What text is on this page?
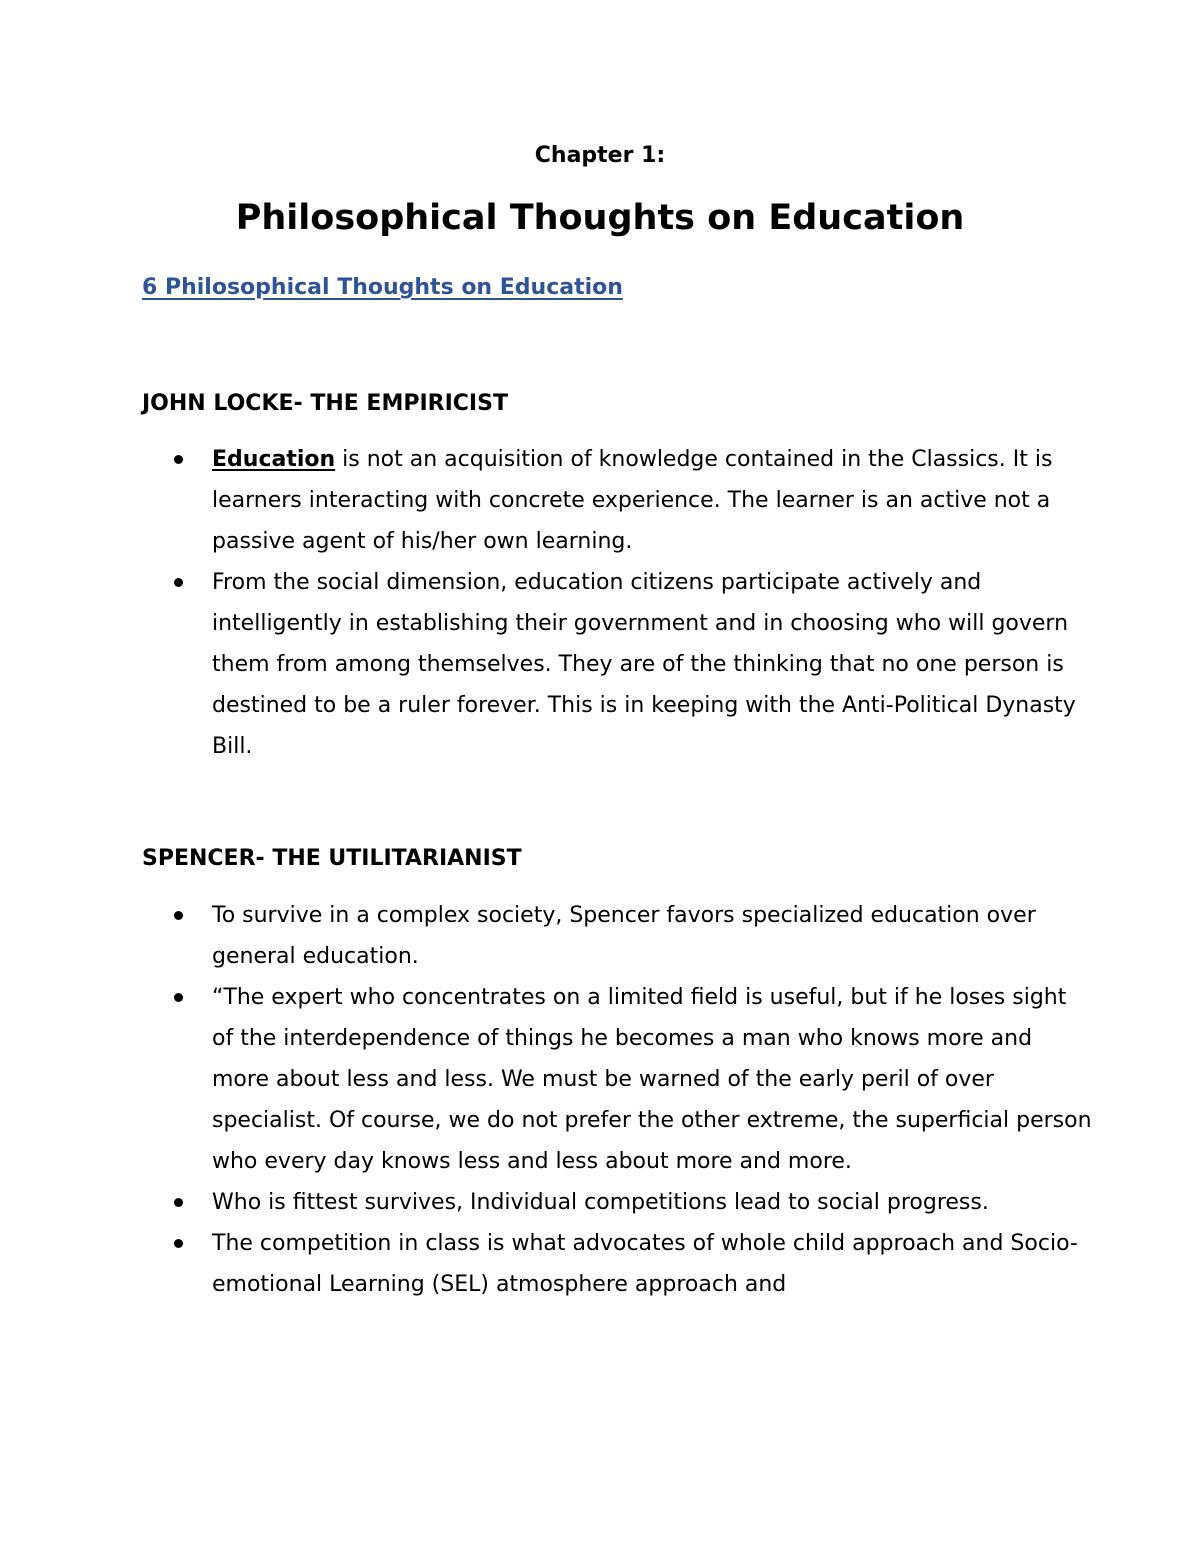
Chapter 1:
Philosophical Thoughts on Education
6 Philosophical Thoughts on Education
JOHN LOCKE- THE EMPIRICIST
Education is not an acquisition of knowledge contained in the Classics. It is learners interacting with concrete experience. The learner is an active not a passive agent of his/her own learning.
From the social dimension, education citizens participate actively and intelligently in establishing their government and in choosing who will govern them from among themselves. They are of the thinking that no one person is destined to be a ruler forever. This is in keeping with the Anti-Political Dynasty Bill.
SPENCER- THE UTILITARIANIST
To survive in a complex society, Spencer favors specialized education over general education.
“The expert who concentrates on a limited field is useful, but if he loses sight of the interdependence of things he becomes a man who knows more and more about less and less. We must be warned of the early peril of over specialist. Of course, we do not prefer the other extreme, the superficial person who every day knows less and less about more and more.
Who is fittest survives, Individual competitions lead to social progress.
The competition in class is what advocates of whole child approach and Socio-emotional Learning (SEL) atmosphere approach and
